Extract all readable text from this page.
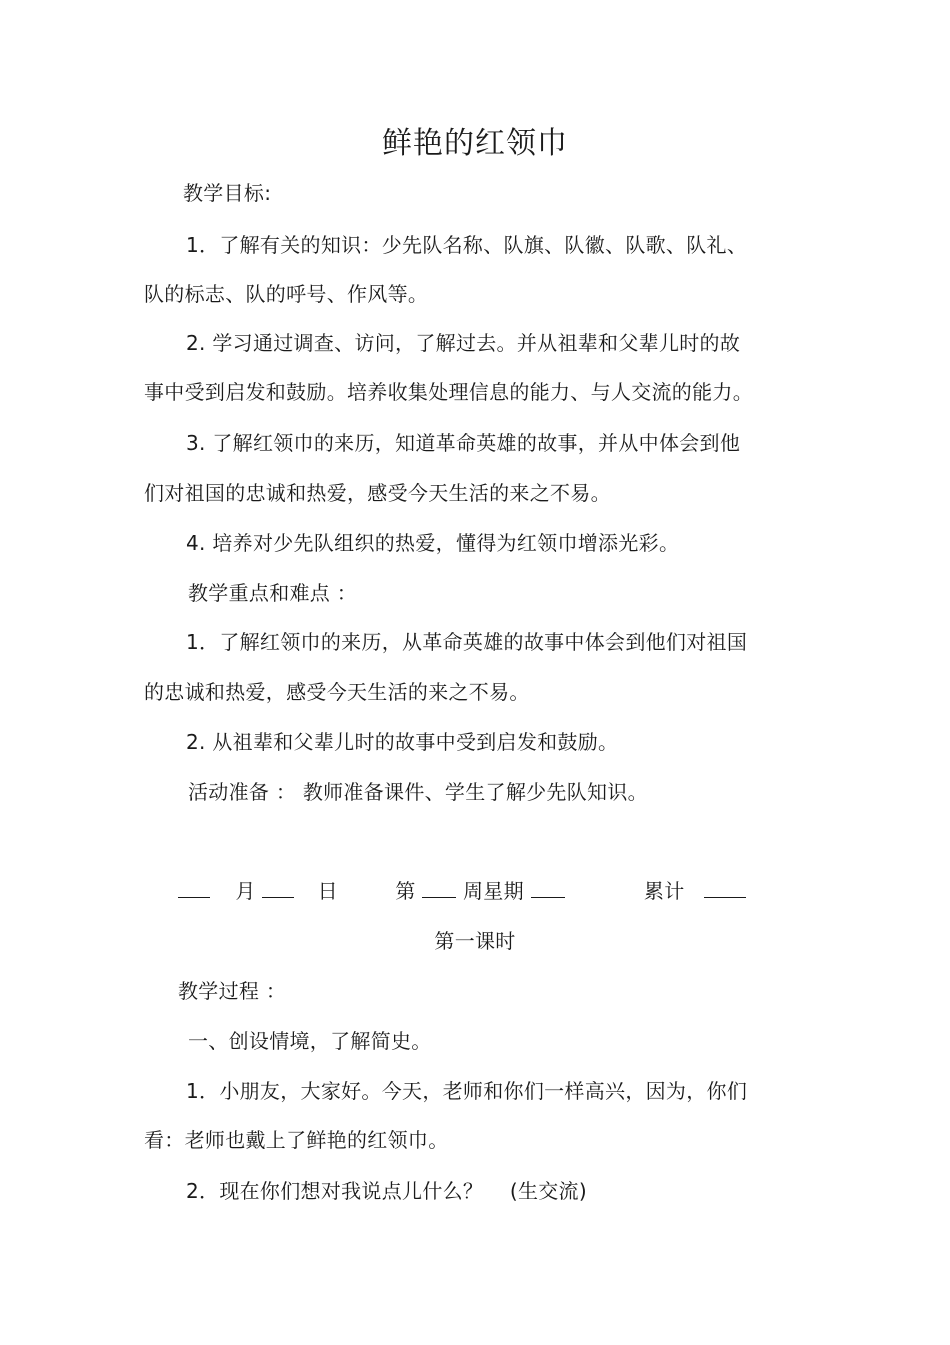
鲜艳的红领巾
教学目标:
1．了解有关的知识：少先队名称、队旗、队徽、队歌、队礼、
队的标志、队的呼号、作风等。
2. 学习通过调查、访问，了解过去。并从祖辈和父辈儿时的故
事中受到启发和鼓励。培养收集处理信息的能力、与人交流的能力。
3. 了解红领巾的来历，知道革命英雄的故事，并从中体会到他
们对祖国的忠诚和热爱，感受今天生活的来之不易。
4. 培养对少先队组织的热爱，懂得为红领巾增添光彩。
教学重点和难点 ：
1．了解红领巾的来历，从革命英雄的故事中体会到他们对祖国
的忠诚和热爱，感受今天生活的来之不易。
2. 从祖辈和父辈儿时的故事中受到启发和鼓励。
活动准备 ： 教师准备课件、学生了解少先队知识。
月	日	第 周星期	累计
第一课时
教学过程 ：
一、创设情境，了解简史。
1．小朋友，大家好。今天，老师和你们一样高兴，因为，你们
看：老师也戴上了鲜艳的红领巾。
2．现在你们想对我说点儿什么？    (生交流)
